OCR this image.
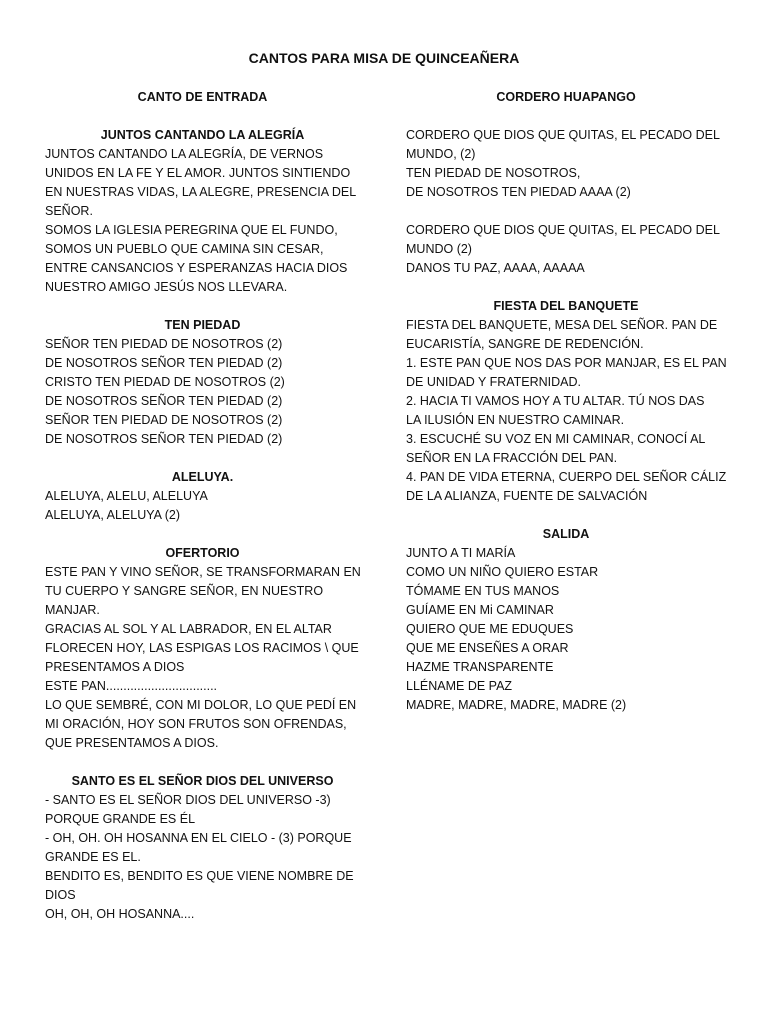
CANTOS PARA MISA DE QUINCEAÑERA
CANTO DE ENTRADA
JUNTOS CANTANDO LA ALEGRÍA
JUNTOS CANTANDO LA ALEGRÍA, DE VERNOS
UNIDOS EN LA FE Y EL AMOR. JUNTOS SINTIENDO
EN NUESTRAS VIDAS, LA ALEGRE, PRESENCIA DEL
SEÑOR.
SOMOS LA IGLESIA PEREGRINA QUE EL FUNDO,
SOMOS UN PUEBLO QUE CAMINA SIN CESAR,
ENTRE CANSANCIOS Y ESPERANZAS HACIA DIOS
NUESTRO AMIGO JESÚS NOS LLEVARA.
TEN PIEDAD
SEÑOR TEN PIEDAD DE NOSOTROS (2)
DE NOSOTROS SEÑOR TEN PIEDAD (2)
CRISTO TEN PIEDAD DE NOSOTROS (2)
DE NOSOTROS SEÑOR TEN PIEDAD (2)
SEÑOR TEN PIEDAD DE NOSOTROS (2)
DE NOSOTROS SEÑOR TEN PIEDAD (2)
ALELUYA.
ALELUYA, ALELU, ALELUYA
ALELUYA, ALELUYA (2)
OFERTORIO
ESTE PAN Y VINO SEÑOR, SE TRANSFORMARAN EN
TU CUERPO Y SANGRE SEÑOR, EN NUESTRO
MANJAR.
GRACIAS AL SOL Y AL LABRADOR, EN EL ALTAR
FLORECEN HOY, LAS ESPIGAS LOS RACIMOS \ QUE
PRESENTAMOS A DIOS
ESTE PAN................................
LO QUE SEMBRÉ, CON MI DOLOR, LO QUE PEDÍ EN
MI ORACIÓN, HOY SON FRUTOS SON OFRENDAS,
QUE PRESENTAMOS A DIOS.
SANTO ES EL SEÑOR DIOS DEL UNIVERSO
- SANTO ES EL SEÑOR DIOS DEL UNIVERSO -3)
PORQUE GRANDE ES ÉL
- OH, OH. OH HOSANNA EN EL CIELO - (3) PORQUE
GRANDE ES EL.
BENDITO ES, BENDITO ES QUE VIENE NOMBRE DE
DIOS
OH, OH, OH HOSANNA....
CORDERO HUAPANGO
CORDERO QUE DIOS QUE QUITAS, EL PECADO DEL
MUNDO, (2)
TEN PIEDAD DE NOSOTROS,
DE NOSOTROS TEN PIEDAD AAAA (2)
CORDERO QUE DIOS QUE QUITAS, EL PECADO DEL
MUNDO (2)
DANOS TU PAZ, AAAA, AAAAA
FIESTA DEL BANQUETE
FIESTA DEL BANQUETE, MESA DEL SEÑOR. PAN DE
EUCARISTÍA, SANGRE DE REDENCIÓN.
1. ESTE PAN QUE NOS DAS POR MANJAR, ES EL PAN
DE UNIDAD Y FRATERNIDAD.
2. HACIA TI VAMOS HOY A TU ALTAR. TÚ NOS DAS
LA ILUSIÓN EN NUESTRO CAMINAR.
3. ESCUCHÉ SU VOZ EN MI CAMINAR, CONOCÍ AL
SEÑOR EN LA FRACCIÓN DEL PAN.
4. PAN DE VIDA ETERNA, CUERPO DEL SEÑOR CÁLIZ
DE LA ALIANZA, FUENTE DE SALVACIÓN
SALIDA
JUNTO A TI MARÍA
COMO UN NIÑO QUIERO ESTAR
TÓMAME EN TUS MANOS
GUÍAME EN Mi CAMINAR
QUIERO QUE ME EDUQUES
QUE ME ENSEÑES A ORAR
HAZME TRANSPARENTE
LLÉNAME DE PAZ
MADRE, MADRE, MADRE, MADRE (2)
